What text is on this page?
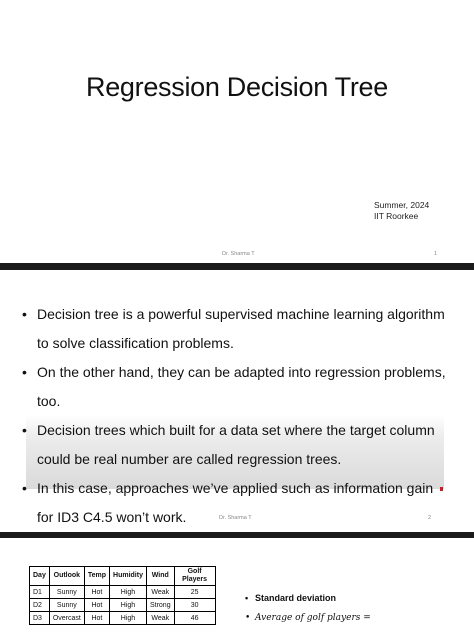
Regression Decision Tree
Summer, 2024
IIT Roorkee
Dr. Sharma T	1
Dr. Sharma T	2
• Decision tree is a powerful supervised machine learning algorithm to solve classification problems.
• On the other hand, they can be adapted into regression problems, too.
• Decision trees which built for a data set where the target column could be real number are called regression trees.
• In this case, approaches we’ve applied such as information gain for ID3 C4.5 won’t work.
Day	Outlook	Temp	Humidity	Wind	Golf Players
D1	Sunny	Hot	High	Weak	25
D2	Sunny	Hot	High	Strong	30
D3	Overcast	Hot	High	Weak	46
• Standard deviation
• Average of golf players =
